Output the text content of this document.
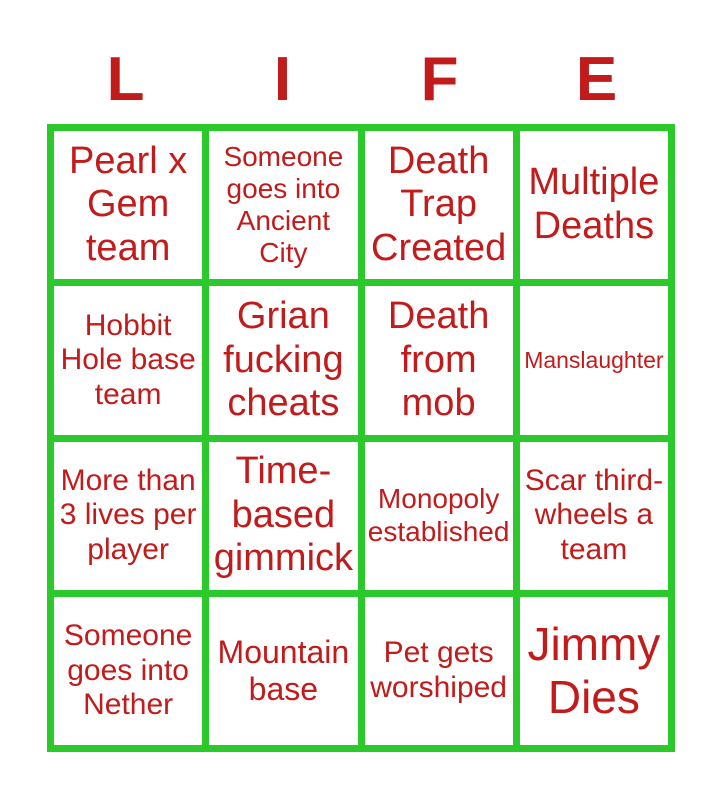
L	I	F	E
Pearl x Gem team
Someone goes into Ancient City
Death Trap Created
Multiple Deaths
Hobbit Hole base team
Grian fucking cheats
Death from mob
Manslaughter
More than 3 lives per player
Time-based gimmick
Monopoly established
Scar third-wheels a team
Someone goes into Nether
Mountain base
Pet gets worshiped
Jimmy Dies
